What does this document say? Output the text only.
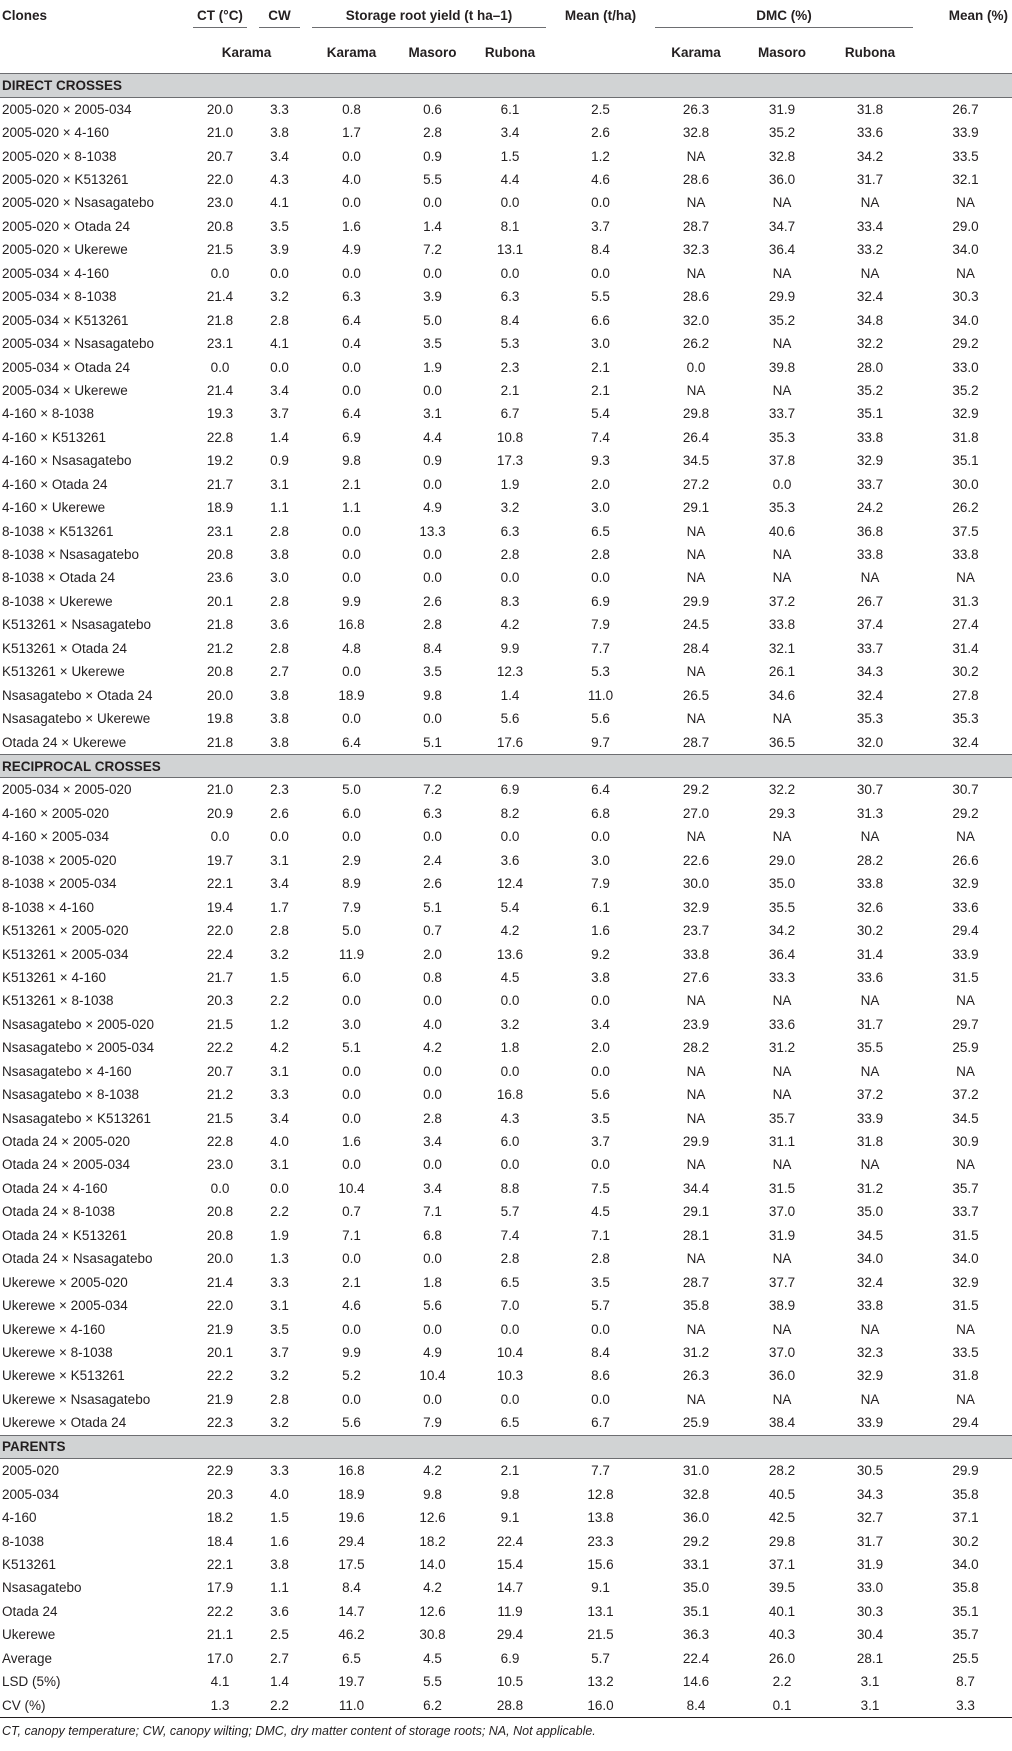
Clones	CT (°C)	CW	Storage root yield (t ha–1)			Mean (t/ha)	DMC (%)			Mean (%)
	Karama		Karama	Masoro	Rubona		Karama	Masoro	Rubona	
DIRECT CROSSES										
2005-020 × 2005-034	20.0	3.3	0.8	0.6	6.1	2.5	26.3	31.9	31.8	26.7
2005-020 × 4-160	21.0	3.8	1.7	2.8	3.4	2.6	32.8	35.2	33.6	33.9
2005-020 × 8-1038	20.7	3.4	0.0	0.9	1.5	1.2	NA	32.8	34.2	33.5
2005-020 × K513261	22.0	4.3	4.0	5.5	4.4	4.6	28.6	36.0	31.7	32.1
2005-020 × Nsasagatebo	23.0	4.1	0.0	0.0	0.0	0.0	NA	NA	NA	NA
2005-020 × Otada 24	20.8	3.5	1.6	1.4	8.1	3.7	28.7	34.7	33.4	29.0
2005-020 × Ukerewe	21.5	3.9	4.9	7.2	13.1	8.4	32.3	36.4	33.2	34.0
2005-034 × 4-160	0.0	0.0	0.0	0.0	0.0	0.0	NA	NA	NA	NA
2005-034 × 8-1038	21.4	3.2	6.3	3.9	6.3	5.5	28.6	29.9	32.4	30.3
2005-034 × K513261	21.8	2.8	6.4	5.0	8.4	6.6	32.0	35.2	34.8	34.0
2005-034 × Nsasagatebo	23.1	4.1	0.4	3.5	5.3	3.0	26.2	NA	32.2	29.2
2005-034 × Otada 24	0.0	0.0	0.0	1.9	2.3	2.1	0.0	39.8	28.0	33.0
2005-034 × Ukerewe	21.4	3.4	0.0	0.0	2.1	2.1	NA	NA	35.2	35.2
4-160 × 8-1038	19.3	3.7	6.4	3.1	6.7	5.4	29.8	33.7	35.1	32.9
4-160 × K513261	22.8	1.4	6.9	4.4	10.8	7.4	26.4	35.3	33.8	31.8
4-160 × Nsasagatebo	19.2	0.9	9.8	0.9	17.3	9.3	34.5	37.8	32.9	35.1
4-160 × Otada 24	21.7	3.1	2.1	0.0	1.9	2.0	27.2	0.0	33.7	30.0
4-160 × Ukerewe	18.9	1.1	1.1	4.9	3.2	3.0	29.1	35.3	24.2	26.2
8-1038 × K513261	23.1	2.8	0.0	13.3	6.3	6.5	NA	40.6	36.8	37.5
8-1038 × Nsasagatebo	20.8	3.8	0.0	0.0	2.8	2.8	NA	NA	33.8	33.8
8-1038 × Otada 24	23.6	3.0	0.0	0.0	0.0	0.0	NA	NA	NA	NA
8-1038 × Ukerewe	20.1	2.8	9.9	2.6	8.3	6.9	29.9	37.2	26.7	31.3
K513261 × Nsasagatebo	21.8	3.6	16.8	2.8	4.2	7.9	24.5	33.8	37.4	27.4
K513261 × Otada 24	21.2	2.8	4.8	8.4	9.9	7.7	28.4	32.1	33.7	31.4
K513261 × Ukerewe	20.8	2.7	0.0	3.5	12.3	5.3	NA	26.1	34.3	30.2
Nsasagatebo × Otada 24	20.0	3.8	18.9	9.8	1.4	11.0	26.5	34.6	32.4	27.8
Nsasagatebo × Ukerewe	19.8	3.8	0.0	0.0	5.6	5.6	NA	NA	35.3	35.3
Otada 24 × Ukerewe	21.8	3.8	6.4	5.1	17.6	9.7	28.7	36.5	32.0	32.4
RECIPROCAL CROSSES										
2005-034 × 2005-020	21.0	2.3	5.0	7.2	6.9	6.4	29.2	32.2	30.7	30.7
4-160 × 2005-020	20.9	2.6	6.0	6.3	8.2	6.8	27.0	29.3	31.3	29.2
4-160 × 2005-034	0.0	0.0	0.0	0.0	0.0	0.0	NA	NA	NA	NA
8-1038 × 2005-020	19.7	3.1	2.9	2.4	3.6	3.0	22.6	29.0	28.2	26.6
8-1038 × 2005-034	22.1	3.4	8.9	2.6	12.4	7.9	30.0	35.0	33.8	32.9
8-1038 × 4-160	19.4	1.7	7.9	5.1	5.4	6.1	32.9	35.5	32.6	33.6
K513261 × 2005-020	22.0	2.8	5.0	0.7	4.2	1.6	23.7	34.2	30.2	29.4
K513261 × 2005-034	22.4	3.2	11.9	2.0	13.6	9.2	33.8	36.4	31.4	33.9
K513261 × 4-160	21.7	1.5	6.0	0.8	4.5	3.8	27.6	33.3	33.6	31.5
K513261 × 8-1038	20.3	2.2	0.0	0.0	0.0	0.0	NA	NA	NA	NA
Nsasagatebo × 2005-020	21.5	1.2	3.0	4.0	3.2	3.4	23.9	33.6	31.7	29.7
Nsasagatebo × 2005-034	22.2	4.2	5.1	4.2	1.8	2.0	28.2	31.2	35.5	25.9
Nsasagatebo × 4-160	20.7	3.1	0.0	0.0	0.0	0.0	NA	NA	NA	NA
Nsasagatebo × 8-1038	21.2	3.3	0.0	0.0	16.8	5.6	NA	NA	37.2	37.2
Nsasagatebo × K513261	21.5	3.4	0.0	2.8	4.3	3.5	NA	35.7	33.9	34.5
Otada 24 × 2005-020	22.8	4.0	1.6	3.4	6.0	3.7	29.9	31.1	31.8	30.9
Otada 24 × 2005-034	23.0	3.1	0.0	0.0	0.0	0.0	NA	NA	NA	NA
Otada 24 × 4-160	0.0	0.0	10.4	3.4	8.8	7.5	34.4	31.5	31.2	35.7
Otada 24 × 8-1038	20.8	2.2	0.7	7.1	5.7	4.5	29.1	37.0	35.0	33.7
Otada 24 × K513261	20.8	1.9	7.1	6.8	7.4	7.1	28.1	31.9	34.5	31.5
Otada 24 × Nsasagatebo	20.0	1.3	0.0	0.0	2.8	2.8	NA	NA	34.0	34.0
Ukerewe × 2005-020	21.4	3.3	2.1	1.8	6.5	3.5	28.7	37.7	32.4	32.9
Ukerewe × 2005-034	22.0	3.1	4.6	5.6	7.0	5.7	35.8	38.9	33.8	31.5
Ukerewe × 4-160	21.9	3.5	0.0	0.0	0.0	0.0	NA	NA	NA	NA
Ukerewe × 8-1038	20.1	3.7	9.9	4.9	10.4	8.4	31.2	37.0	32.3	33.5
Ukerewe × K513261	22.2	3.2	5.2	10.4	10.3	8.6	26.3	36.0	32.9	31.8
Ukerewe × Nsasagatebo	21.9	2.8	0.0	0.0	0.0	0.0	NA	NA	NA	NA
Ukerewe × Otada 24	22.3	3.2	5.6	7.9	6.5	6.7	25.9	38.4	33.9	29.4
PARENTS										
2005-020	22.9	3.3	16.8	4.2	2.1	7.7	31.0	28.2	30.5	29.9
2005-034	20.3	4.0	18.9	9.8	9.8	12.8	32.8	40.5	34.3	35.8
4-160	18.2	1.5	19.6	12.6	9.1	13.8	36.0	42.5	32.7	37.1
8-1038	18.4	1.6	29.4	18.2	22.4	23.3	29.2	29.8	31.7	30.2
K513261	22.1	3.8	17.5	14.0	15.4	15.6	33.1	37.1	31.9	34.0
Nsasagatebo	17.9	1.1	8.4	4.2	14.7	9.1	35.0	39.5	33.0	35.8
Otada 24	22.2	3.6	14.7	12.6	11.9	13.1	35.1	40.1	30.3	35.1
Ukerewe	21.1	2.5	46.2	30.8	29.4	21.5	36.3	40.3	30.4	35.7
Average	17.0	2.7	6.5	4.5	6.9	5.7	22.4	26.0	28.1	25.5
LSD (5%)	4.1	1.4	19.7	5.5	10.5	13.2	14.6	2.2	3.1	8.7
CV (%)	1.3	2.2	11.0	6.2	28.8	16.0	8.4	0.1	3.1	3.3
CT, canopy temperature; CW, canopy wilting; DMC, dry matter content of storage roots; NA, Not applicable.
